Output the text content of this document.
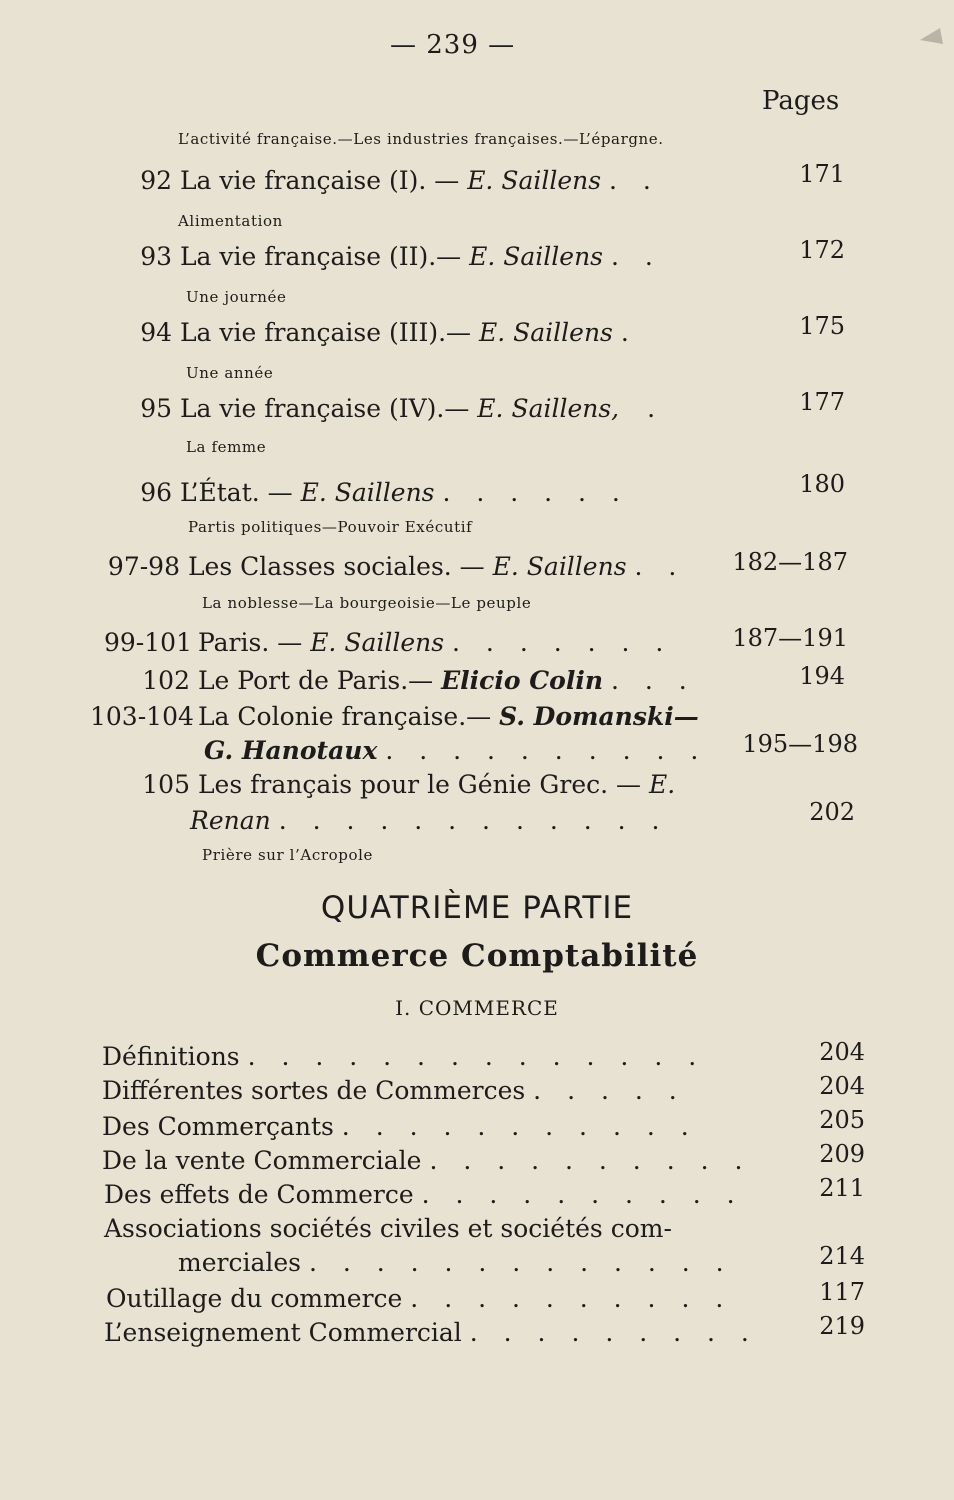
— 239 —
Pages
L’activité française.—Les industries françaises.—L’épargne.
92 La vie française (I). — E. Saillens . .	171
Alimentation
93 La vie française (II).— E. Saillens . .	172
Une journée
94 La vie française (III).— E. Saillens .	175
Une année
95 La vie française (IV).— E. Saillens, .	177
La femme
96 L’État. — E. Saillens . . . . . .	180
Partis politiques—Pouvoir Exécutif
97-98 Les Classes sociales. — E. Saillens . . 182—187
La noblesse—La bourgeoisie—Le peuple
99-101 Paris. — E. Saillens . . . . . . .	187—191
102 Le Port de Paris.— Elicio Colin . . .	194
103-104 La Colonie française.— S. Domanski—
G. Hanotaux . . . . . . . . . .	195—198
105 Les français pour le Génie Grec. — E.
Renan . . . . . . . . . . . .	202
Prière sur l’Acropole
QUATRIÈME PARTIE
Commerce Comptabilité
I. COMMERCE
Définitions . . . . . . . . . . . . . .	204
Différentes sortes de Commerces . . . . .	204
Des Commerçants . . . . . . . . . . .	205
De la vente Commerciale . . . . . . . . . .	209
Des effets de Commerce . . . . . . . . . .	211
Associations sociétés civiles et sociétés com-
merciales . . . . . . . . . . . . .	214
Outillage du commerce . . . . . . . . . .	117
L’enseignement Commercial . . . . . . . . .	219
